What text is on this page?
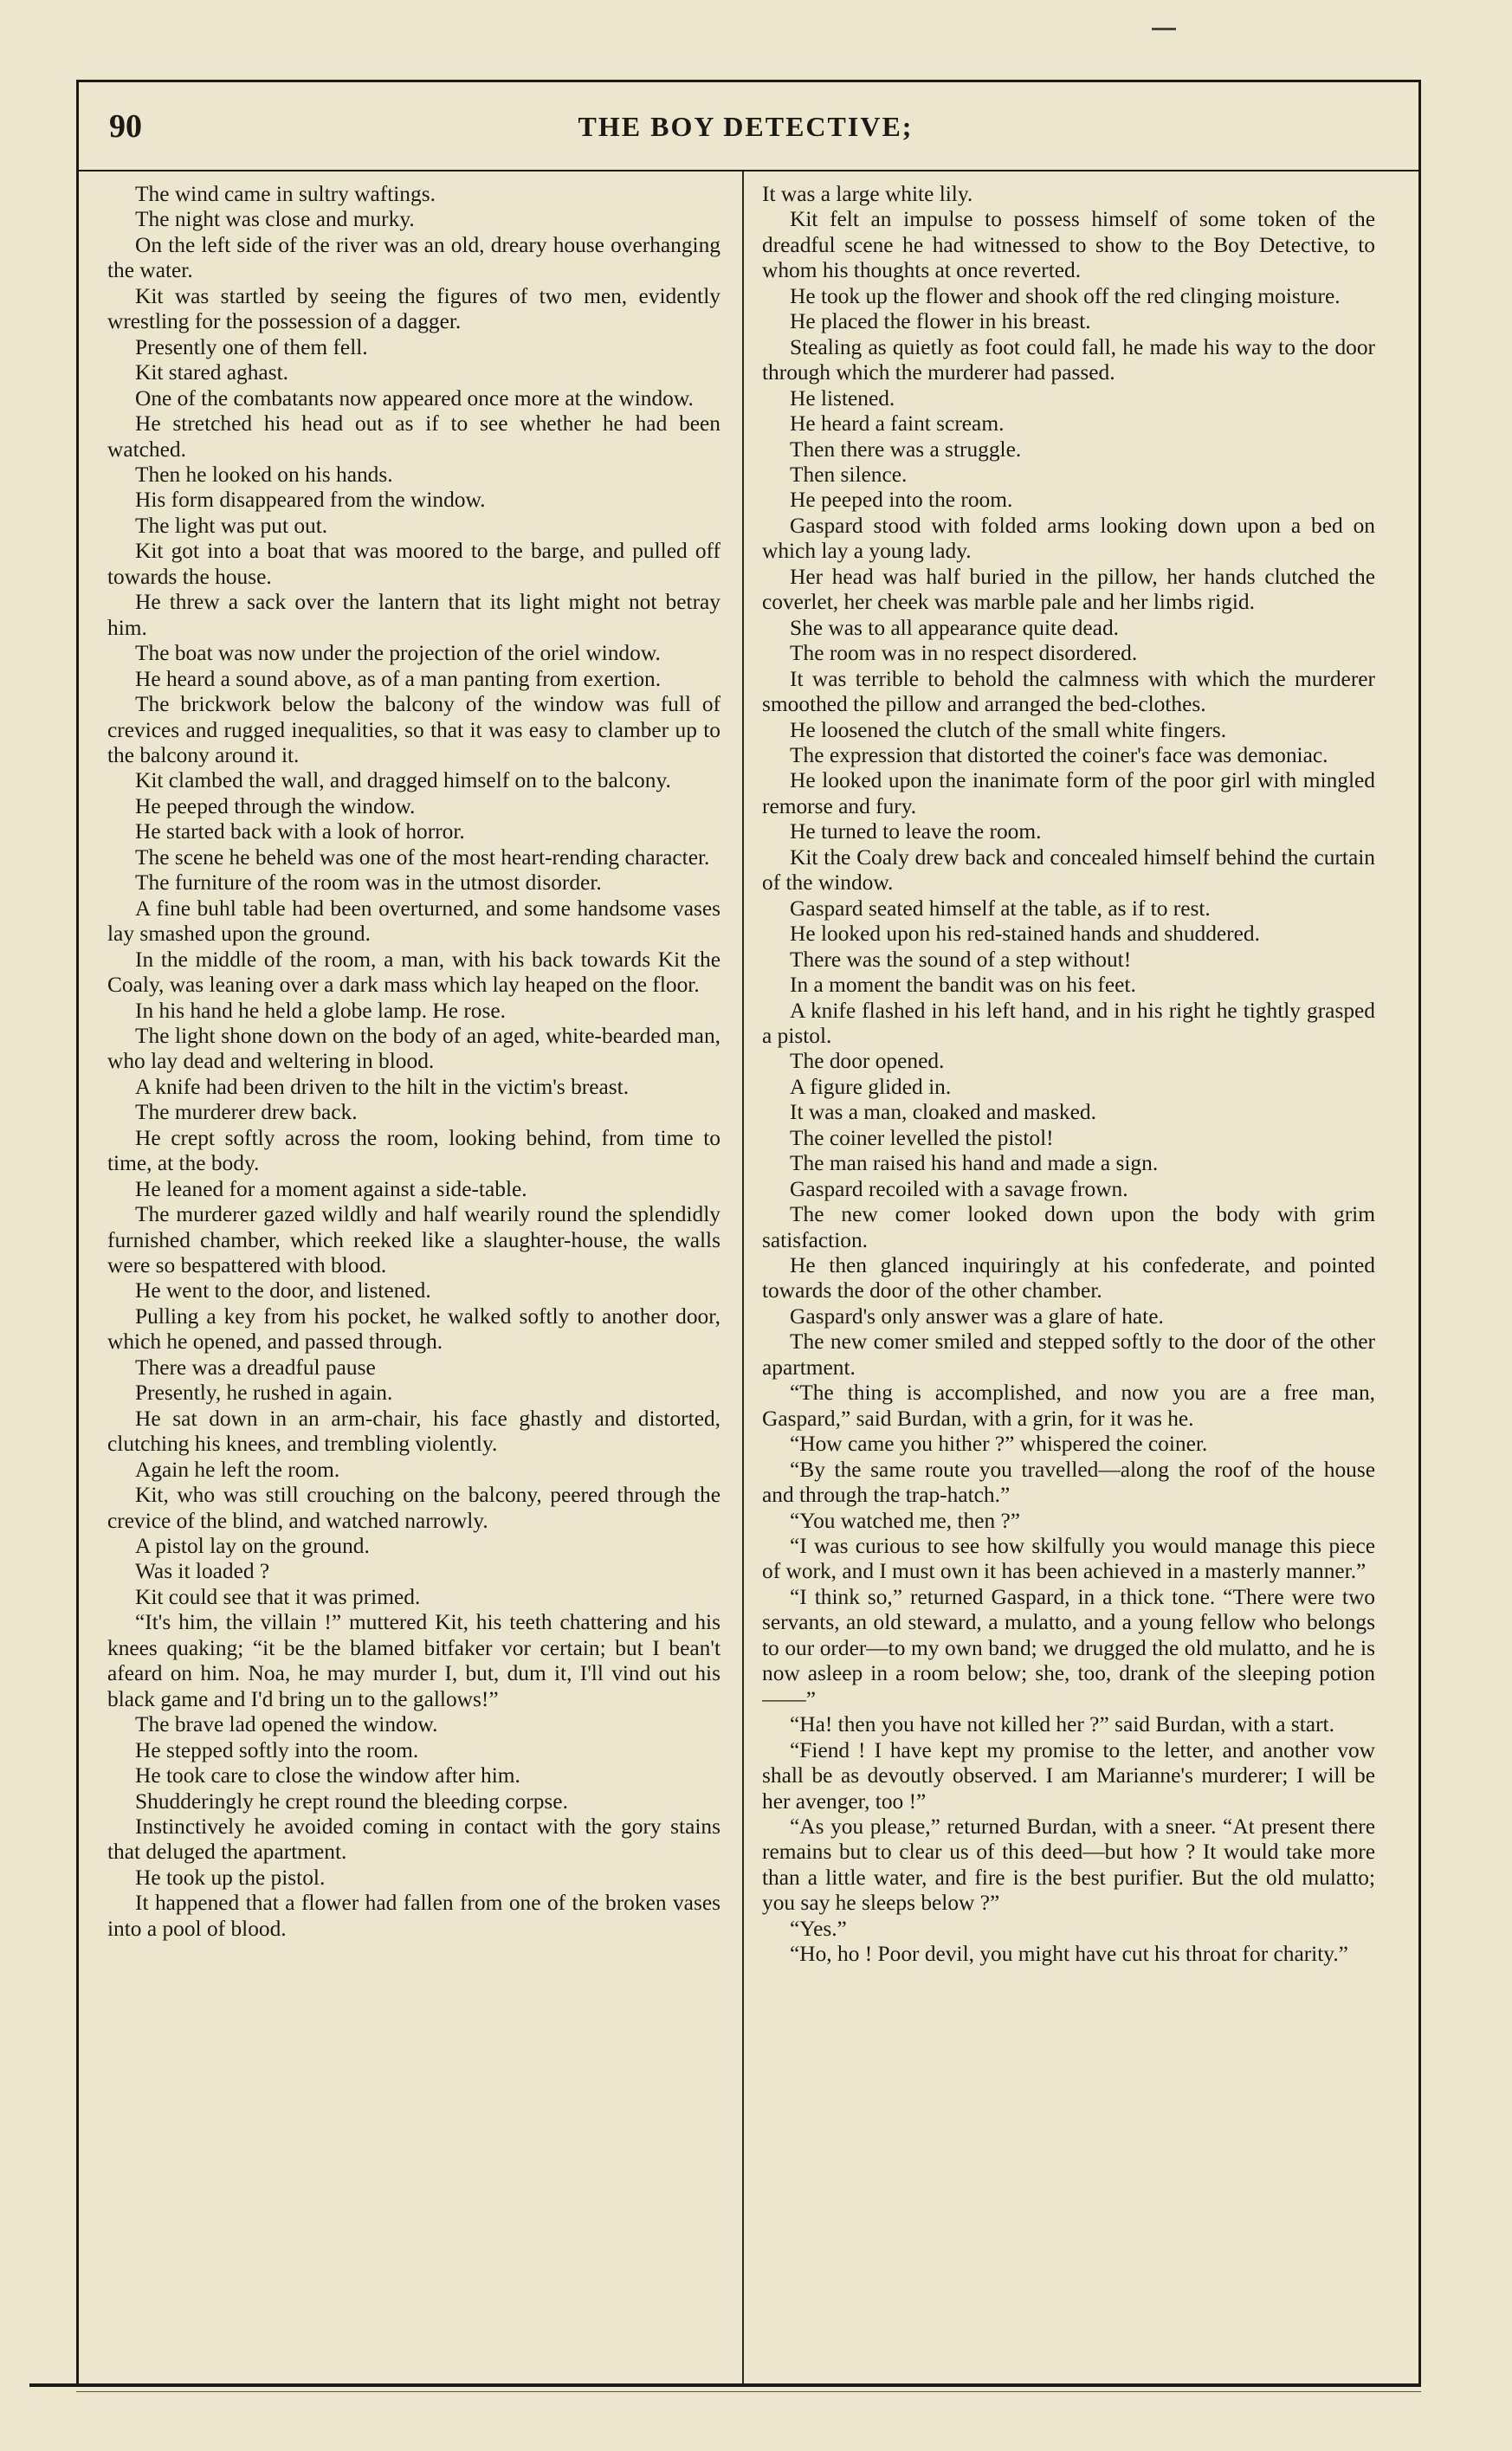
90	THE BOY DETECTIVE;

The wind came in sultry waftings.

The night was close and murky.

On the left side of the river was an old, dreary house overhanging the water.

Kit was startled by seeing the figures of two men, evidently wrestling for the possession of a dagger.

Presently one of them fell.

Kit stared aghast.

One of the combatants now appeared once more at the window.

He stretched his head out as if to see whether he had been watched.

Then he looked on his hands.

His form disappeared from the window.

The light was put out.

Kit got into a boat that was moored to the barge, and pulled off towards the house.

He threw a sack over the lantern that its light might not betray him.

The boat was now under the projection of the oriel window.

He heard a sound above, as of a man panting from exertion.

The brickwork below the balcony of the window was full of crevices and rugged inequalities, so that it was easy to clamber up to the balcony around it.

Kit clambed the wall, and dragged himself on to the balcony.

He peeped through the window.

He started back with a look of horror.

The scene he beheld was one of the most heart-rending character.

The furniture of the room was in the utmost disorder.

A fine buhl table had been overturned, and some handsome vases lay smashed upon the ground.

In the middle of the room, a man, with his back towards Kit the Coaly, was leaning over a dark mass which lay heaped on the floor.

In his hand he held a globe lamp. He rose.

The light shone down on the body of an aged, white-bearded man, who lay dead and weltering in blood.

A knife had been driven to the hilt in the victim's breast.

The murderer drew back.

He crept softly across the room, looking behind, from time to time, at the body.

He leaned for a moment against a side-table.

The murderer gazed wildly and half wearily round the splendidly furnished chamber, which reeked like a slaughter-house, the walls were so bespattered with blood.

He went to the door, and listened.

Pulling a key from his pocket, he walked softly to another door, which he opened, and passed through.

There was a dreadful pause

Presently, he rushed in again.

He sat down in an arm-chair, his face ghastly and distorted, clutching his knees, and trembling violently.

Again he left the room.

Kit, who was still crouching on the balcony, peered through the crevice of the blind, and watched narrowly.

A pistol lay on the ground.

Was it loaded ?

Kit could see that it was primed.

“It's him, the villain !” muttered Kit, his teeth chattering and his knees quaking; “it be the blamed bitfaker vor certain; but I bean't afeard on him. Noa, he may murder I, but, dum it, I'll vind out his black game and I'd bring un to the gallows!”

The brave lad opened the window.

He stepped softly into the room.

He took care to close the window after him.

Shudderingly he crept round the bleeding corpse.

Instinctively he avoided coming in contact with the gory stains that deluged the apartment.

He took up the pistol.

It happened that a flower had fallen from one of the broken vases into a pool of blood.

It was a large white lily.

Kit felt an impulse to possess himself of some token of the dreadful scene he had witnessed to show to the Boy Detective, to whom his thoughts at once reverted.

He took up the flower and shook off the red clinging moisture.

He placed the flower in his breast.

Stealing as quietly as foot could fall, he made his way to the door through which the murderer had passed.

He listened.

He heard a faint scream.

Then there was a struggle.

Then silence.

He peeped into the room.

Gaspard stood with folded arms looking down upon a bed on which lay a young lady.

Her head was half buried in the pillow, her hands clutched the coverlet, her cheek was marble pale and her limbs rigid.

She was to all appearance quite dead.

The room was in no respect disordered.

It was terrible to behold the calmness with which the murderer smoothed the pillow and arranged the bed-clothes.

He loosened the clutch of the small white fingers.

The expression that distorted the coiner's face was demoniac.

He looked upon the inanimate form of the poor girl with mingled remorse and fury.

He turned to leave the room.

Kit the Coaly drew back and concealed himself behind the curtain of the window.

Gaspard seated himself at the table, as if to rest.

He looked upon his red-stained hands and shuddered.

There was the sound of a step without!

In a moment the bandit was on his feet.

A knife flashed in his left hand, and in his right he tightly grasped a pistol.

The door opened.

A figure glided in.

It was a man, cloaked and masked.

The coiner levelled the pistol!

The man raised his hand and made a sign.

Gaspard recoiled with a savage frown.

The new comer looked down upon the body with grim satisfaction.

He then glanced inquiringly at his confederate, and pointed towards the door of the other chamber.

Gaspard's only answer was a glare of hate.

The new comer smiled and stepped softly to the door of the other apartment.

“The thing is accomplished, and now you are a free man, Gaspard,” said Burdan, with a grin, for it was he.

“How came you hither ?” whispered the coiner.

“By the same route you travelled—along the roof of the house and through the trap-hatch.”

“You watched me, then ?”

“I was curious to see how skilfully you would manage this piece of work, and I must own it has been achieved in a masterly manner.”

“I think so,” returned Gaspard, in a thick tone. “There were two servants, an old steward, a mulatto, and a young fellow who belongs to our order—to my own band; we drugged the old mulatto, and he is now asleep in a room below; she, too, drank of the sleeping potion——”

“Ha! then you have not killed her ?” said Burdan, with a start.

“Fiend ! I have kept my promise to the letter, and another vow shall be as devoutly observed. I am Marianne's murderer; I will be her avenger, too !”

“As you please,” returned Burdan, with a sneer. “At present there remains but to clear us of this deed—but how ? It would take more than a little water, and fire is the best purifier. But the old mulatto; you say he sleeps below ?”

“Yes.”

“Ho, ho ! Poor devil, you might have cut his throat for charity.”
